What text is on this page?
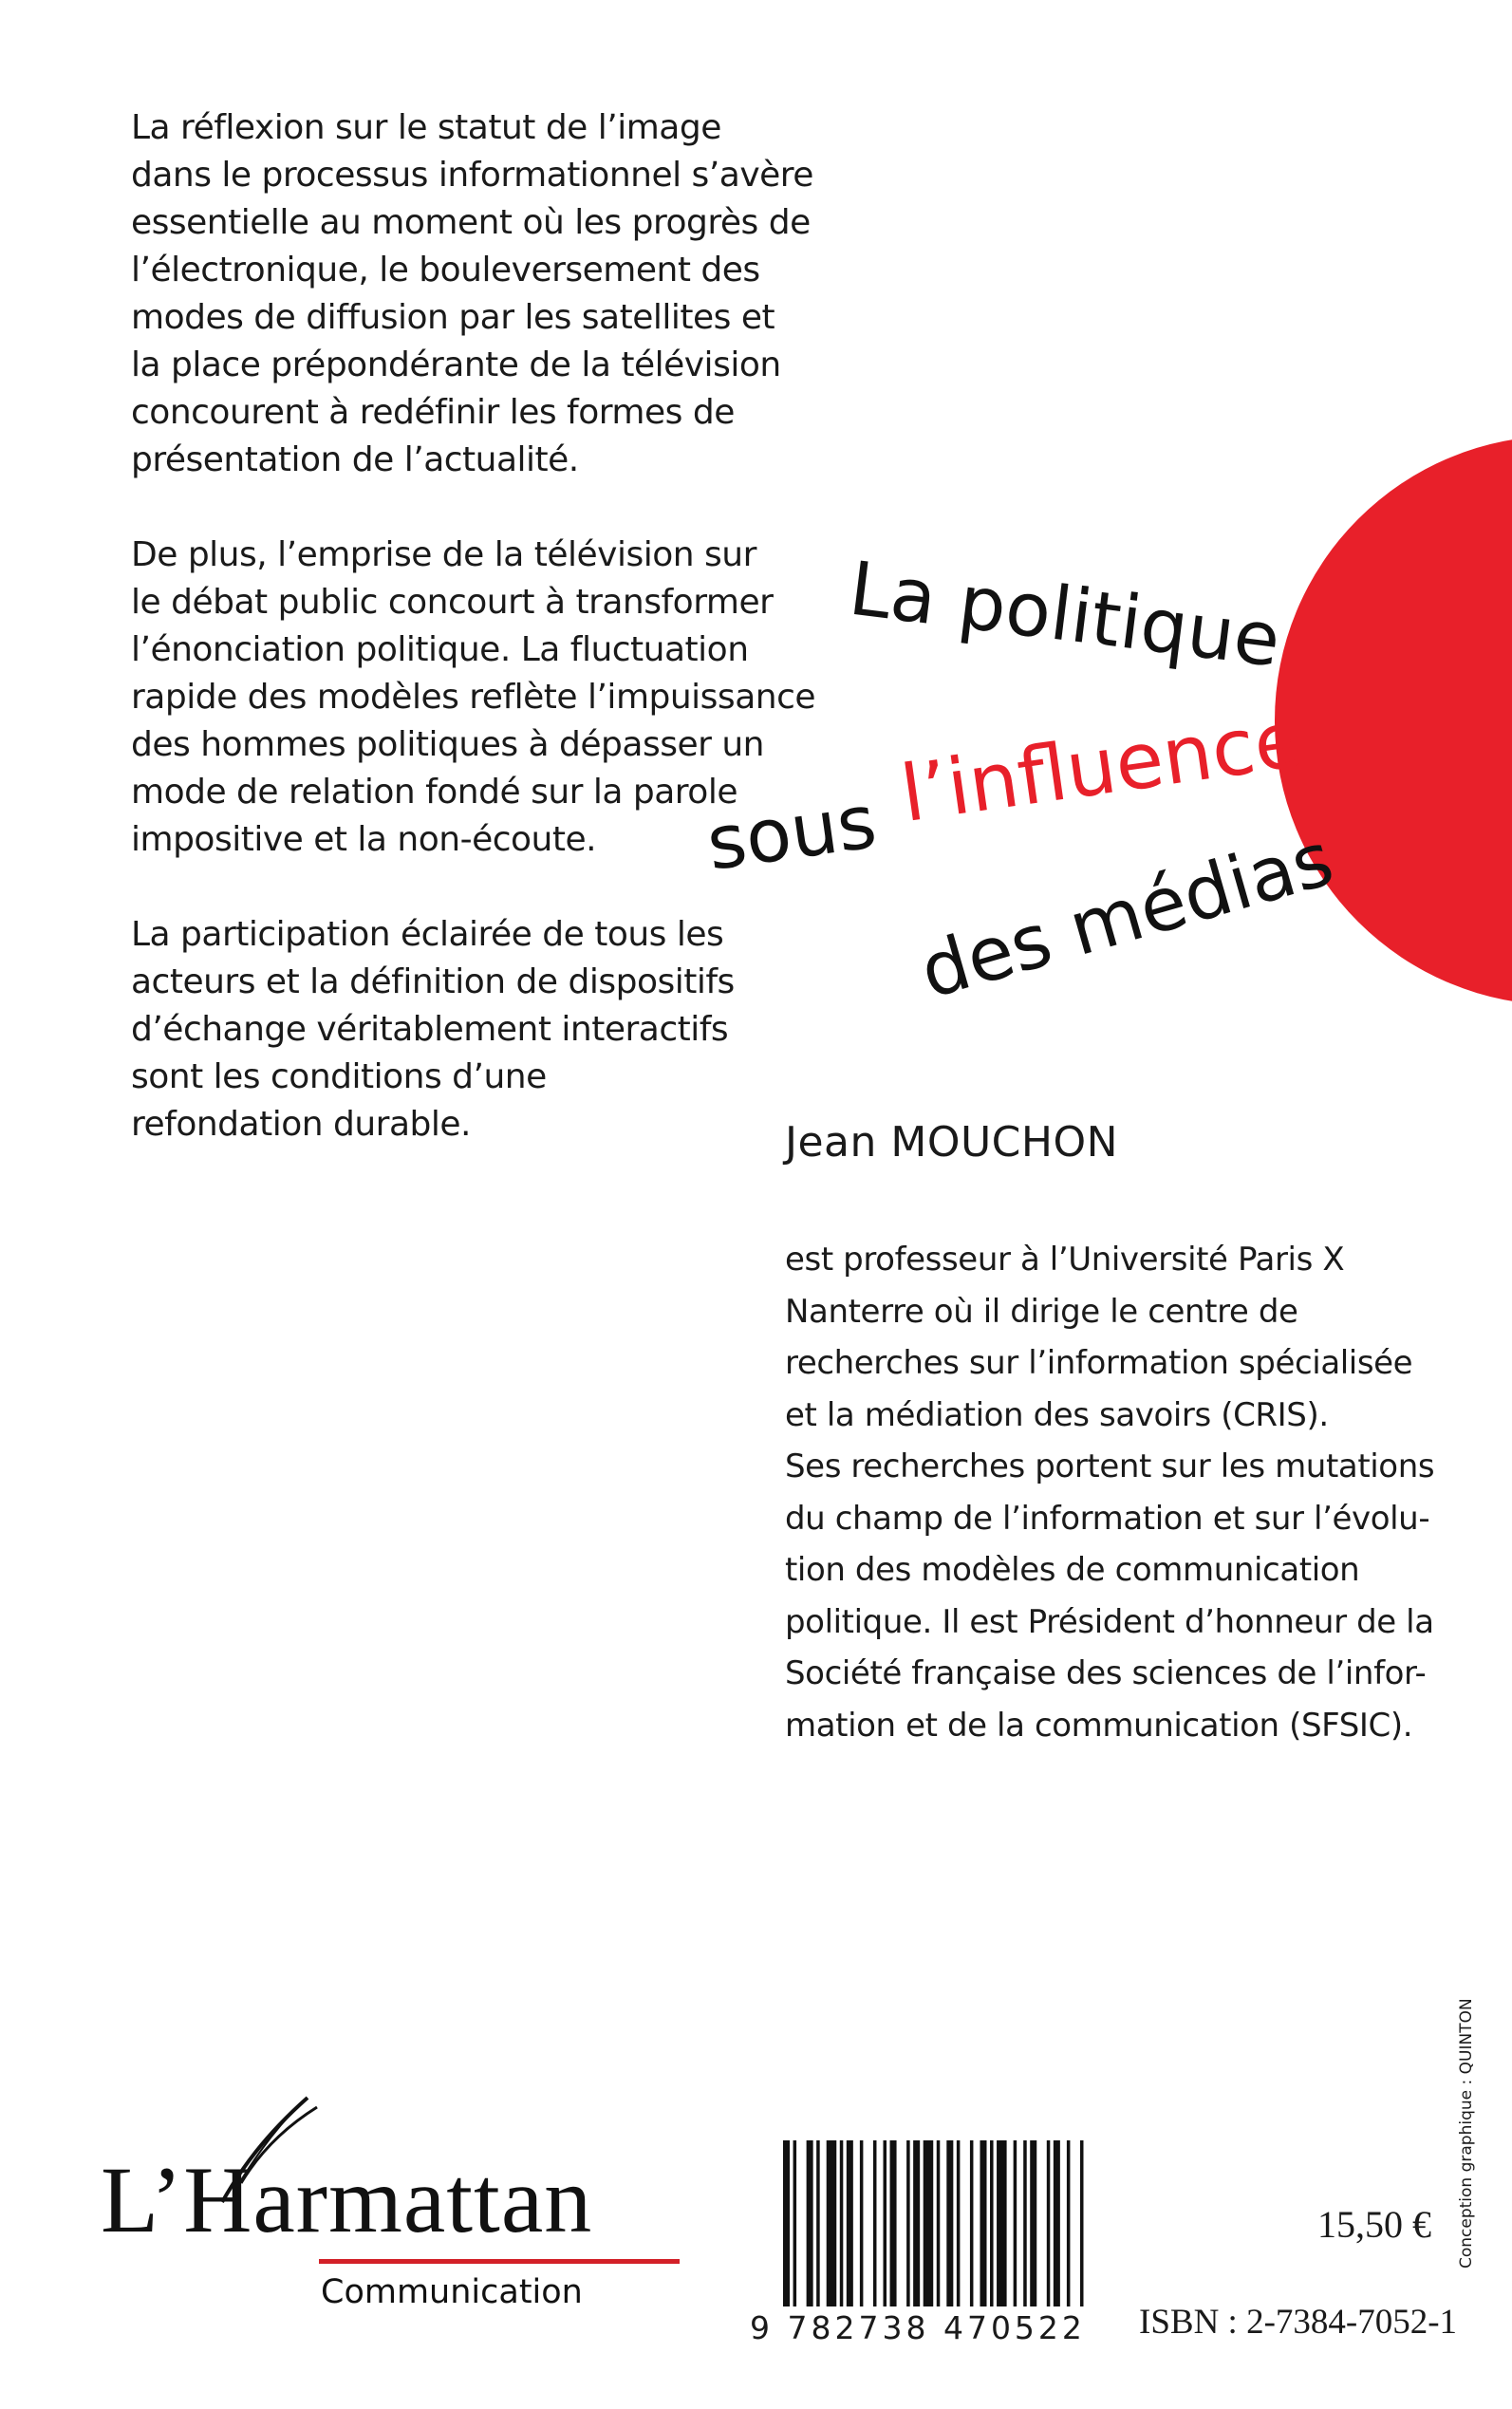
La réflexion sur le statut de l’image

dans le processus informationnel s’avère

essentielle au moment où les progrès de

l’électronique, le bouleversement des

modes de diffusion par les satellites et

la place prépondérante de la télévision

concourent à redéfinir les formes de

présentation de l’actualité.

De plus, l’emprise de la télévision sur

le débat public concourt à transformer

l’énonciation politique. La fluctuation

rapide des modèles reflète l’impuissance

des hommes politiques à dépasser un

mode de relation fondé sur la parole

impositive et la non-écoute.

La participation éclairée de tous les

acteurs et la définition de dispositifs

d’échange véritablement interactifs

sont les conditions d’une

refondation durable.

La politique
sous l’influence
des médias
Jean MOUCHON

est professeur à l’Université Paris X

Nanterre où il dirige le centre de

recherches sur l’information spécialisée

et la médiation des savoirs (CRIS).

Ses recherches portent sur les mutations

du champ de l’information et sur l’évolu-

tion des modèles de communication

politique. Il est Président d’honneur de la

Société française des sciences de l’infor-

mation et de la communication (SFSIC).

L’Harmattan
Communication
9 782738 470522
15,50 €
ISBN : 2-7384-7052-1
Conception graphique : QUINTON
